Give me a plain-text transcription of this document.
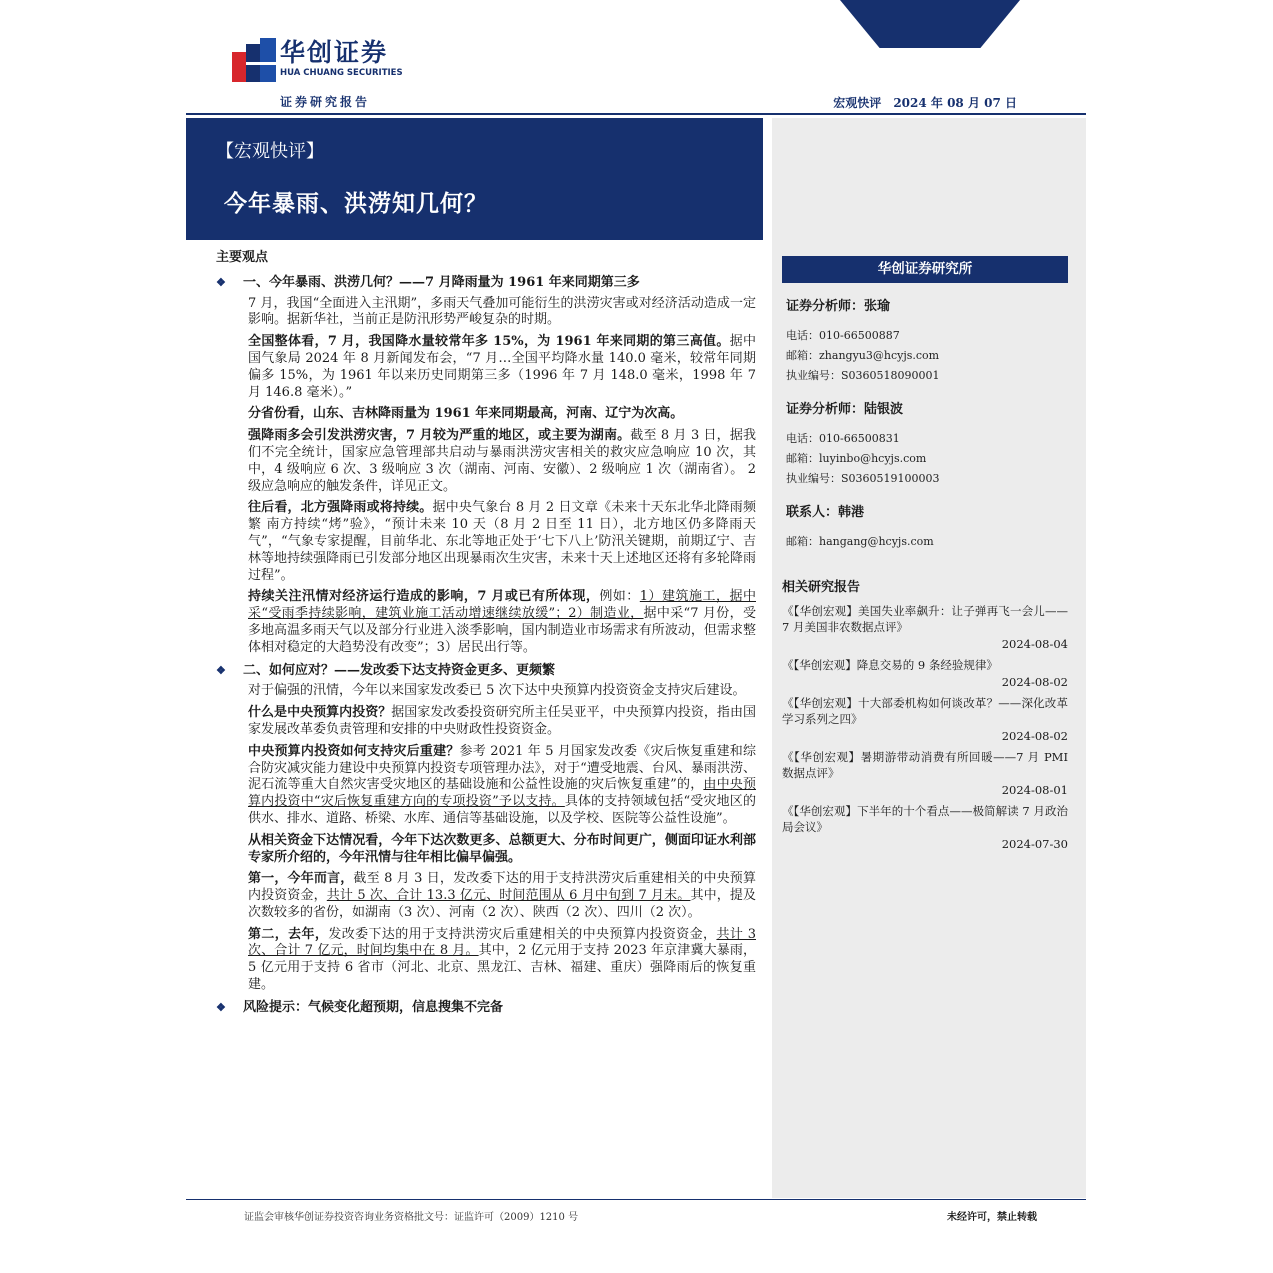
华创证券
HUA CHUANG SECURITIES
证券研究报告	宏观快评 2024 年 08 月 07 日
【宏观快评】
今年暴雨、洪涝知几何？
主要观点
❖ 一、今年暴雨、洪涝几何？——7 月降雨量为 1961 年来同期第三多
7 月，我国“全面进入主汛期”，多雨天气叠加可能衍生的洪涝灾害或对经济活动造成一定影响。据新华社，当前正是防汛形势严峻复杂的时期。
全国整体看，7 月，我国降水量较常年多 15%，为 1961 年来同期的第三高值。据中国气象局 2024 年 8 月新闻发布会，“7 月…全国平均降水量 140.0 毫米，较常年同期偏多 15%，为 1961 年以来历史同期第三多（1996 年 7 月 148.0 毫米，1998 年 7 月 146.8 毫米）。”
分省份看，山东、吉林降雨量为 1961 年来同期最高，河南、辽宁为次高。
强降雨多会引发洪涝灾害，7 月较为严重的地区，或主要为湖南。截至 8 月 3 日，据我们不完全统计，国家应急管理部共启动与暴雨洪涝灾害相关的救灾应急响应 10 次，其中，4 级响应 6 次、3 级响应 3 次（湖南、河南、安徽）、2 级响应 1 次（湖南省）。 2 级应急响应的触发条件，详见正文。
往后看，北方强降雨或将持续。据中央气象台 8 月 2 日文章《未来十天东北华北降雨频繁 南方持续“烤”验》，“预计未来 10 天（8 月 2 日至 11 日），北方地区仍多降雨天气”，“气象专家提醒，目前华北、东北等地正处于‘七下八上’防汛关键期，前期辽宁、吉林等地持续强降雨已引发部分地区出现暴雨次生灾害，未来十天上述地区还将有多轮降雨过程”。
持续关注汛情对经济运行造成的影响，7 月或已有所体现，例如：1）建筑施工，据中采“受雨季持续影响，建筑业施工活动增速继续放缓”；2）制造业，据中采“7 月份，受多地高温多雨天气以及部分行业进入淡季影响，国内制造业市场需求有所波动，但需求整体相对稳定的大趋势没有改变”；3）居民出行等。
❖ 二、如何应对？——发改委下达支持资金更多、更频繁
对于偏强的汛情，今年以来国家发改委已 5 次下达中央预算内投资资金支持灾后建设。
什么是中央预算内投资？据国家发改委投资研究所主任吴亚平，中央预算内投资，指由国家发展改革委负责管理和安排的中央财政性投资资金。
中央预算内投资如何支持灾后重建？参考 2021 年 5 月国家发改委《灾后恢复重建和综合防灾减灾能力建设中央预算内投资专项管理办法》，对于“遭受地震、台风、暴雨洪涝、泥石流等重大自然灾害受灾地区的基础设施和公益性设施的灾后恢复重建”的，由中央预算内投资中“灾后恢复重建方向的专项投资”予以支持。具体的支持领域包括“受灾地区的供水、排水、道路、桥梁、水库、通信等基础设施，以及学校、医院等公益性设施”。
从相关资金下达情况看，今年下达次数更多、总额更大、分布时间更广，侧面印证水利部专家所介绍的，今年汛情与往年相比偏早偏强。
第一，今年而言，截至 8 月 3 日，发改委下达的用于支持洪涝灾后重建相关的中央预算内投资资金，共计 5 次、合计 13.3 亿元、时间范围从 6 月中旬到 7 月末。其中，提及次数较多的省份，如湖南（3 次）、河南（2 次）、陕西（2 次）、四川（2 次）。
第二，去年，发改委下达的用于支持洪涝灾后重建相关的中央预算内投资资金，共计 3 次、合计 7 亿元，时间均集中在 8 月。其中，2 亿元用于支持 2023 年京津冀大暴雨，5 亿元用于支持 6 省市（河北、北京、黑龙江、吉林、福建、重庆）强降雨后的恢复重建。
❖ 风险提示：气候变化超预期，信息搜集不完备
华创证券研究所
证券分析师：张瑜
电话：010-66500887
邮箱：zhangyu3@hcyjs.com
执业编号：S0360518090001
证券分析师：陆银波
电话：010-66500831
邮箱：luyinbo@hcyjs.com
执业编号：S0360519100003
联系人：韩港
邮箱：hangang@hcyjs.com
相关研究报告
《【华创宏观】美国失业率飙升：让子弹再飞一会儿——7 月美国非农数据点评》
2024-08-04
《【华创宏观】降息交易的 9 条经验规律》
2024-08-02
《【华创宏观】十大部委机构如何谈改革？——深化改革学习系列之四》
2024-08-02
《【华创宏观】暑期游带动消费有所回暖——7 月 PMI 数据点评》
2024-08-01
《【华创宏观】下半年的十个看点——极简解读 7 月政治局会议》
2024-07-30
证监会审核华创证券投资咨询业务资格批文号：证监许可（2009）1210 号	未经许可，禁止转载
